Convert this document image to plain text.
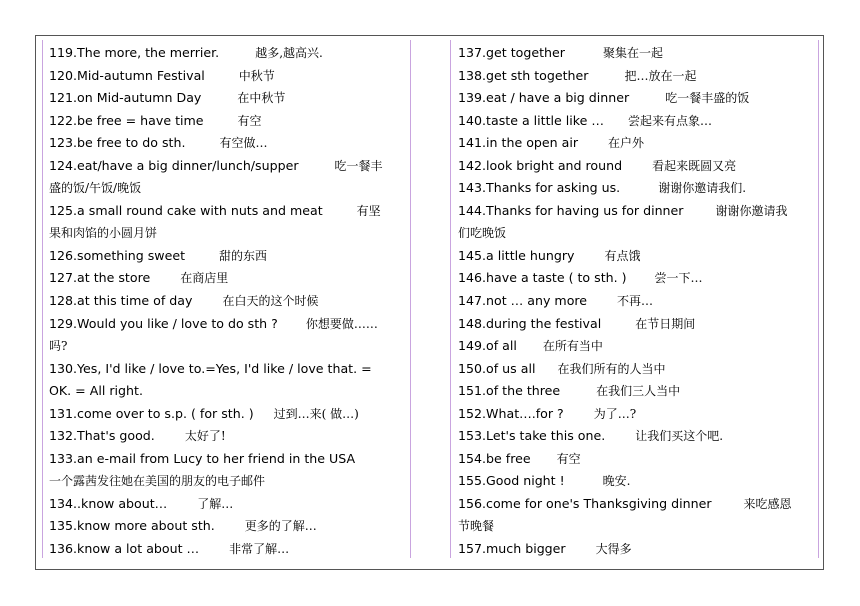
119.The more, the merrier.	越多,越高兴.
120.Mid-autumn Festival	中秋节
121.on Mid-autumn Day	在中秋节
122.be free = have time	有空
123.be free to do sth.	有空做…
124.eat/have a big dinner/lunch/supper	吃一餐丰
盛的饭/午饭/晚饭
125.a small round cake with nuts and meat	有坚
果和肉馅的小圆月饼
126.something sweet	甜的东西
127.at the store	在商店里
128.at this time of day	在白天的这个时候
129.Would you like / love to do sth ? 你想要做……
吗?
130.Yes, I'd like / love to.=Yes, I'd like / love that. =
OK. = All right.
131.come over to s.p. ( for sth. ) 过到…来( 做…)
132.That's good.	太好了!
133.an e-mail from Lucy to her friend in the USA
一个露茜发往她在美国的朋友的电子邮件
134..know about…	了解…
135.know more about sth.	更多的了解…
136.know a lot about …	非常了解…
137.get together	聚集在一起
138.get sth together	把…放在一起
139.eat / have a big dinner	吃一餐丰盛的饭
140.taste a little like … 尝起来有点象…
141.in the open air	在户外
142.look bright and round	看起来既圆又亮
143.Thanks for asking us.	谢谢你邀请我们.
144.Thanks for having us for dinner	谢谢你邀请我
们吃晚饭
145.a little hungry	有点饿
146.have a taste ( to sth. ) 尝一下…
147.not … any more	不再…
148.during the festival	在节日期间
149.of all 在所有当中
150.of us all 在我们所有的人当中
151.of the three	在我们三人当中
152.What….for ?	为了…?
153.Let's take this one.	让我们买这个吧.
154.be free 有空
155.Good night !	晚安.
156.come for one's Thanksgiving dinner	来吃感恩
节晚餐
157.much bigger	大得多
